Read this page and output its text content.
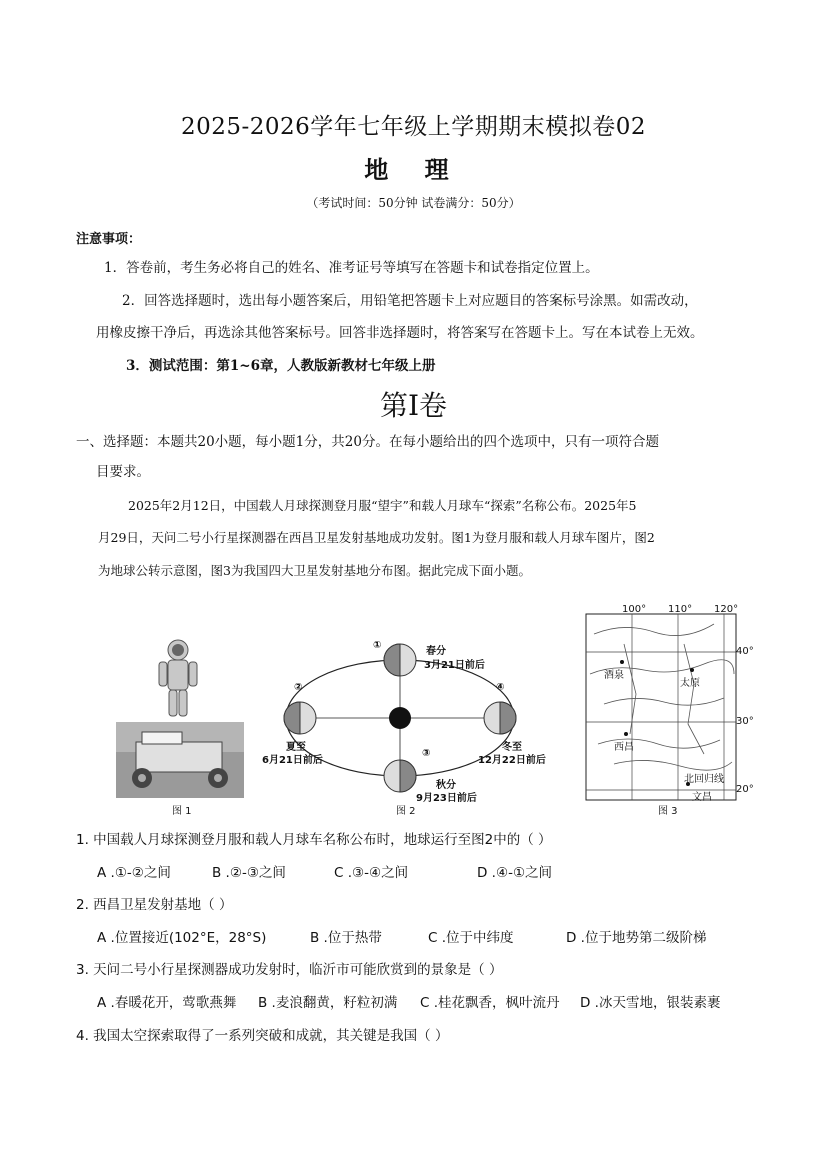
2025-2026学年七年级上学期期末模拟卷02
地 理
（考试时间：50分钟 试卷满分：50分）
注意事项：
1．答卷前，考生务必将自己的姓名、准考证号等填写在答题卡和试卷指定位置上。
2．回答选择题时，选出每小题答案后，用铅笔把答题卡上对应题目的答案标号涂黑。如需改动，
用橡皮擦干净后，再选涂其他答案标号。回答非选择题时，将答案写在答题卡上。写在本试卷上无效。
3．测试范围：第1~6章，人教版新教材七年级上册
第Ⅰ卷
一、选择题：本题共20小题，每小题1分，共20分。在每小题给出的四个选项中，只有一项符合题
目要求。
2025年2月12日，中国载人月球探测登月服“望宇”和载人月球车“探索”名称公布。2025年5
月29日，天问二号小行星探测器在西昌卫星发射基地成功发射。图1为登月服和载人月球车图片，图2
为地球公转示意图，图3为我国四大卫星发射基地分布图。据此完成下面小题。
图 1
①
春分
3月21日前后
②
夏至
6月21日前后
④
冬至
12月22日前后
③
秋分
9月23日前后
图 2
100° 110° 120°
40°
30°
20°
酒泉
太原
西昌
北回归线
文昌
图 3
1. 中国载人月球探测登月服和载人月球车名称公布时，地球运行至图2中的（ ）
A .①-②之间	B .②-③之间	C .③-④之间	D .④-①之间
2. 西昌卫星发射基地（ ）
A .位置接近(102°E，28°S)	B .位于热带	C .位于中纬度	D .位于地势第二级阶梯
3. 天问二号小行星探测器成功发射时，临沂市可能欣赏到的景象是（ ）
A .春暖花开，莺歌燕舞 B .麦浪翻黄，籽粒初满 C .桂花飘香，枫叶流丹 D .冰天雪地，银装素裹
4. 我国太空探索取得了一系列突破和成就，其关键是我国（ ）
